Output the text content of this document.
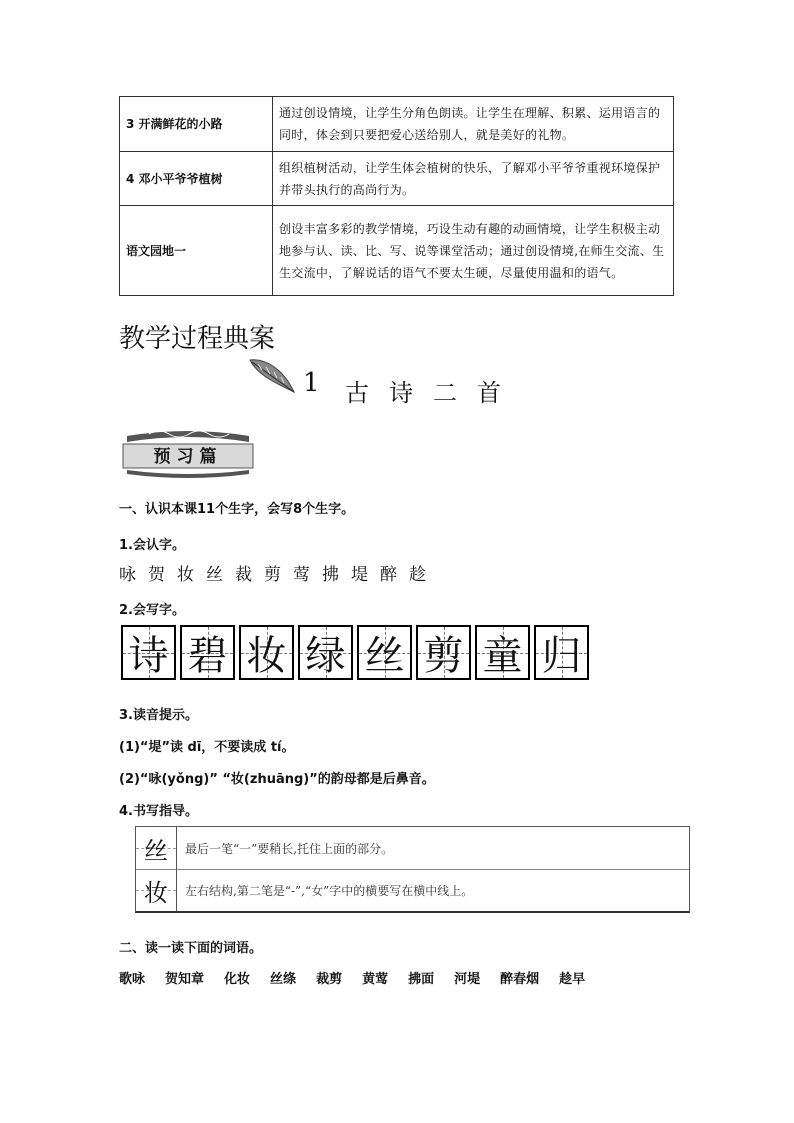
3 开满鲜花的小路	通过创设情境，让学生分角色朗读。让学生在理解、积累、运用语言的同时，体会到只要把爱心送给别人，就是美好的礼物。
4 邓小平爷爷植树	组织植树活动，让学生体会植树的快乐，了解邓小平爷爷重视环境保护并带头执行的高尚行为。
语文园地一	创设丰富多彩的教学情境，巧设生动有趣的动画情境，让学生积极主动地参与认、读、比、写、说等课堂活动；通过创设情境,在师生交流、生生交流中，了解说话的语气不要太生硬，尽量使用温和的语气。
教学过程典案
1 古诗二首
预习篇
一、认识本课11个生字，会写8个生字。
1.会认字。
咏 贺 妆 丝 裁 剪 莺 拂 堤 醉 趁
2.会写字。
诗 碧 妆 绿 丝 剪 童 归
3.读音提示。
(1)“堤”读 dī，不要读成 tí。
(2)“咏(yǒng)” “妆(zhuāng)”的韵母都是后鼻音。
4.书写指导。
丝	最后一笔“一”要稍长,托住上面的部分。
妆	左右结构,第二笔是“-”,“女”字中的横要写在横中线上。
二、读一读下面的词语。
歌咏 贺知章 化妆 丝绦 裁剪 黄莺 拂面 河堤 醉春烟 趁早
